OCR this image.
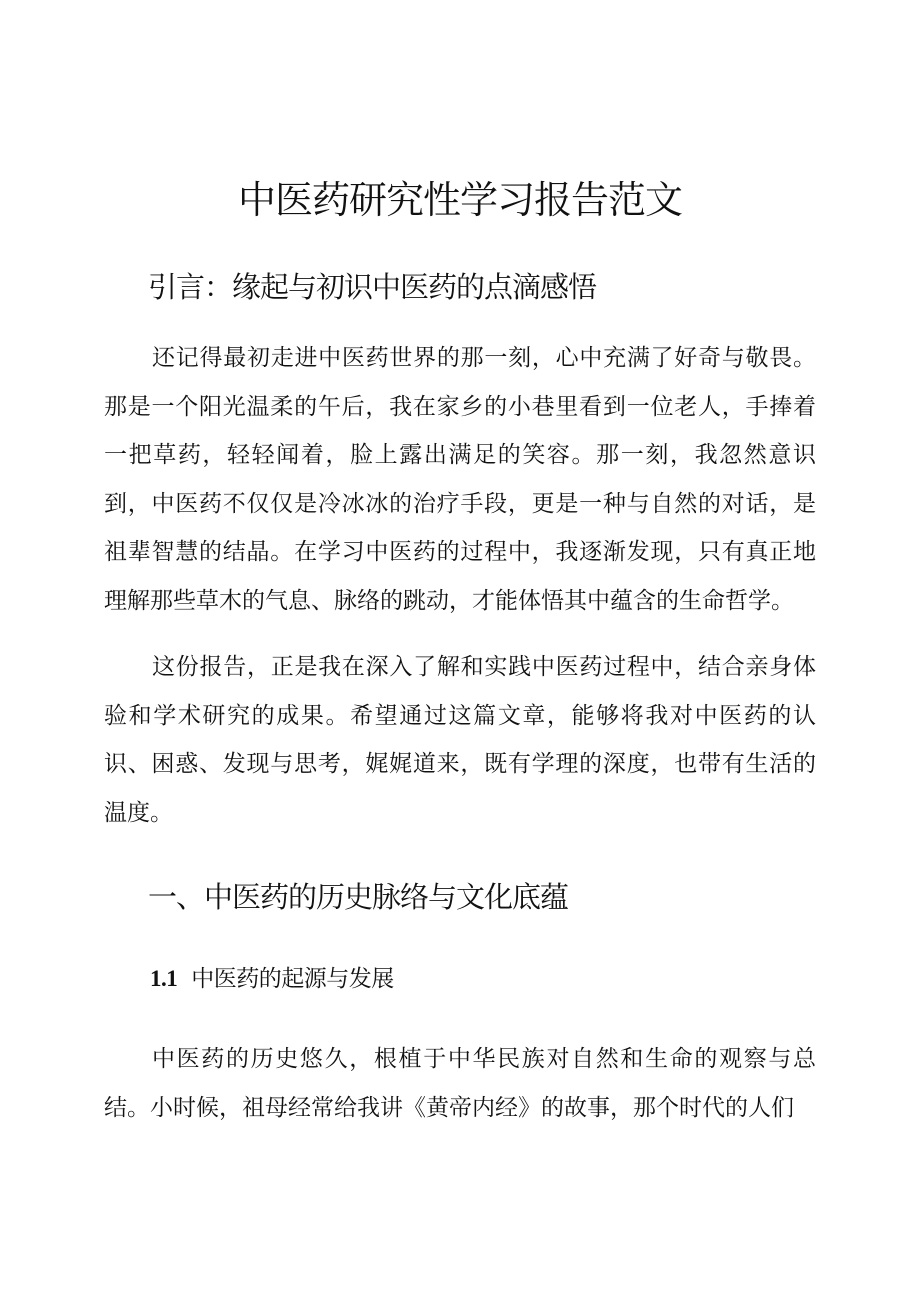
中医药研究性学习报告范文
引言：缘起与初识中医药的点滴感悟

还记得最初走进中医药世界的那一刻，心中充满了好奇与敬畏。那是一个阳光温柔的午后，我在家乡的小巷里看到一位老人，手捧着一把草药，轻轻闻着，脸上露出满足的笑容。那一刻，我忽然意识到，中医药不仅仅是冷冰冰的治疗手段，更是一种与自然的对话，是祖辈智慧的结晶。在学习中医药的过程中，我逐渐发现，只有真正地理解那些草木的气息、脉络的跳动，才能体悟其中蕴含的生命哲学。

这份报告，正是我在深入了解和实践中医药过程中，结合亲身体验和学术研究的成果。希望通过这篇文章，能够将我对中医药的认识、困惑、发现与思考，娓娓道来，既有学理的深度，也带有生活的温度。

一、中医药的历史脉络与文化底蕴
1.1 中医药的起源与发展

中医药的历史悠久，根植于中华民族对自然和生命的观察与总结。小时候，祖母经常给我讲《黄帝内经》的故事，那个时代的人们
